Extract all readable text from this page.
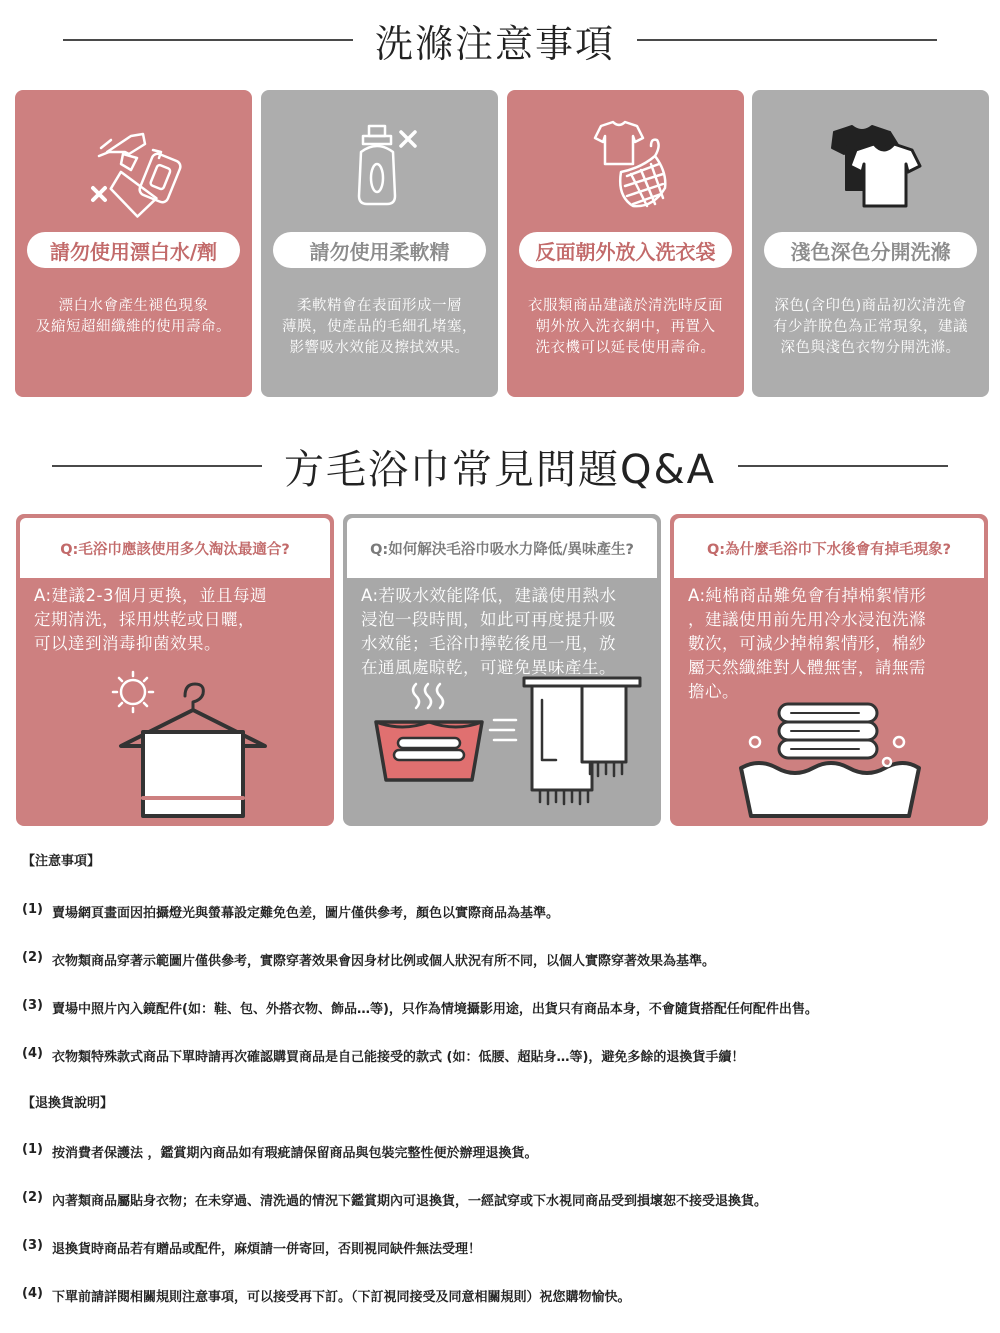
洗滌注意事項
請勿使用漂白水/劑
漂白水會產生褪色現象
及縮短超細纖維的使用壽命。
請勿使用柔軟精
柔軟精會在表面形成一層
薄膜，使產品的毛細孔堵塞，
影響吸水效能及擦拭效果。
反面朝外放入洗衣袋
衣服類商品建議於清洗時反面
朝外放入洗衣網中，再置入
洗衣機可以延長使用壽命。
淺色深色分開洗滌
深色(含印色)商品初次清洗會
有少許脫色為正常現象，建議
深色與淺色衣物分開洗滌。
方毛浴巾常見問題Q&A
Q:毛浴巾應該使用多久淘汰最適合?
A:建議2-3個月更換，並且每週
定期清洗，採用烘乾或日曬，
可以達到消毒抑菌效果。
Q:如何解決毛浴巾吸水力降低/異味產生?
A:若吸水效能降低，建議使用熱水
浸泡一段時間，如此可再度提升吸
水效能；毛浴巾擰乾後甩一甩，放
在通風處晾乾，可避免異味產生。
Q:為什麼毛浴巾下水後會有掉毛現象?
A:純棉商品難免會有掉棉絮情形
，建議使用前先用冷水浸泡洗滌
數次，可減少掉棉絮情形，棉紗
屬天然纖維對人體無害，請無需
擔心。
【注意事項】
(1) 賣場網頁畫面因拍攝燈光與螢幕設定難免色差，圖片僅供參考，顏色以實際商品為基準。
(2) 衣物類商品穿著示範圖片僅供參考，實際穿著效果會因身材比例或個人狀況有所不同，以個人實際穿著效果為基準。
(3) 賣場中照片內入鏡配件(如：鞋、包、外搭衣物、飾品…等)，只作為情境攝影用途，出貨只有商品本身，不會隨貨搭配任何配件出售。
(4) 衣物類特殊款式商品下單時請再次確認購買商品是自己能接受的款式 (如：低腰、超貼身…等)，避免多餘的退換貨手續！
【退換貨說明】
(1) 按消費者保護法 ，鑑賞期內商品如有瑕疵請保留商品與包裝完整性便於辦理退換貨。
(2) 內著類商品屬貼身衣物；在未穿過、清洗過的情況下鑑賞期內可退換貨，一經試穿或下水視同商品受到損壞恕不接受退換貨。
(3) 退換貨時商品若有贈品或配件，麻煩請一併寄回，否則視同缺件無法受理！
(4) 下單前請詳閱相關規則注意事項，可以接受再下訂。（下訂視同接受及同意相關規則）祝您購物愉快。
